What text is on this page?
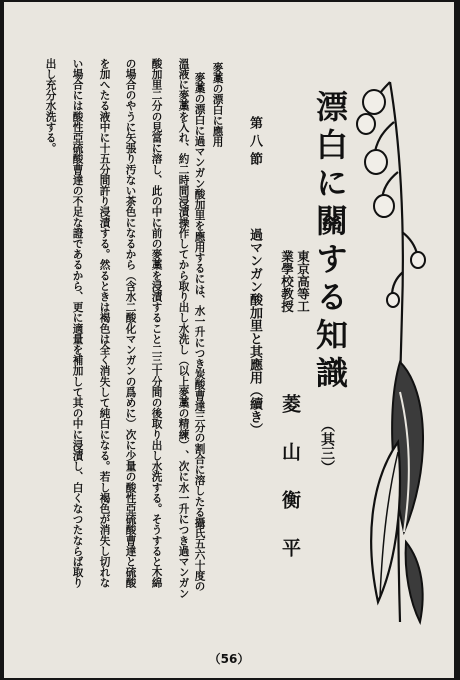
漂白に關する知識
（其三）
東京高等工
業學校教授
菱　山　衡　平
第八節
過マンガン酸加里と其應用（續き）
麥藁の漂白に應用
麥藁の漂白に過マンガン酸加里を應用するには、水一升につき炭酸曹達三分の割合に溶したる攝氏五六十度の
溫液に麥藁を入れ、約二時間浸漬操作してから取り出し水洗し（以上麥藁の精練）、次に水一升につき過マンガン
酸加里二分の見當に溶し、此の中に前の麥藁を浸漬すること二三十分間の後取り出し水洗する。そうすると木綿
の場合のやうに矢張り汚ない茶色になるから（含水二酸化マンガンの爲めに）次に少量の酸性亞硫酸曹達と硫酸
を加へたる液中に十五分間許り浸漬する。然るときは褐色は全く消失して純白になる。若し褐色が消失し切れな
い場合には酸性亞硫酸曹達の不足な證であるから、更に適量を補加して其の中に浸漬し、白くなつたならば取り
出し充分水洗する。
（56）
